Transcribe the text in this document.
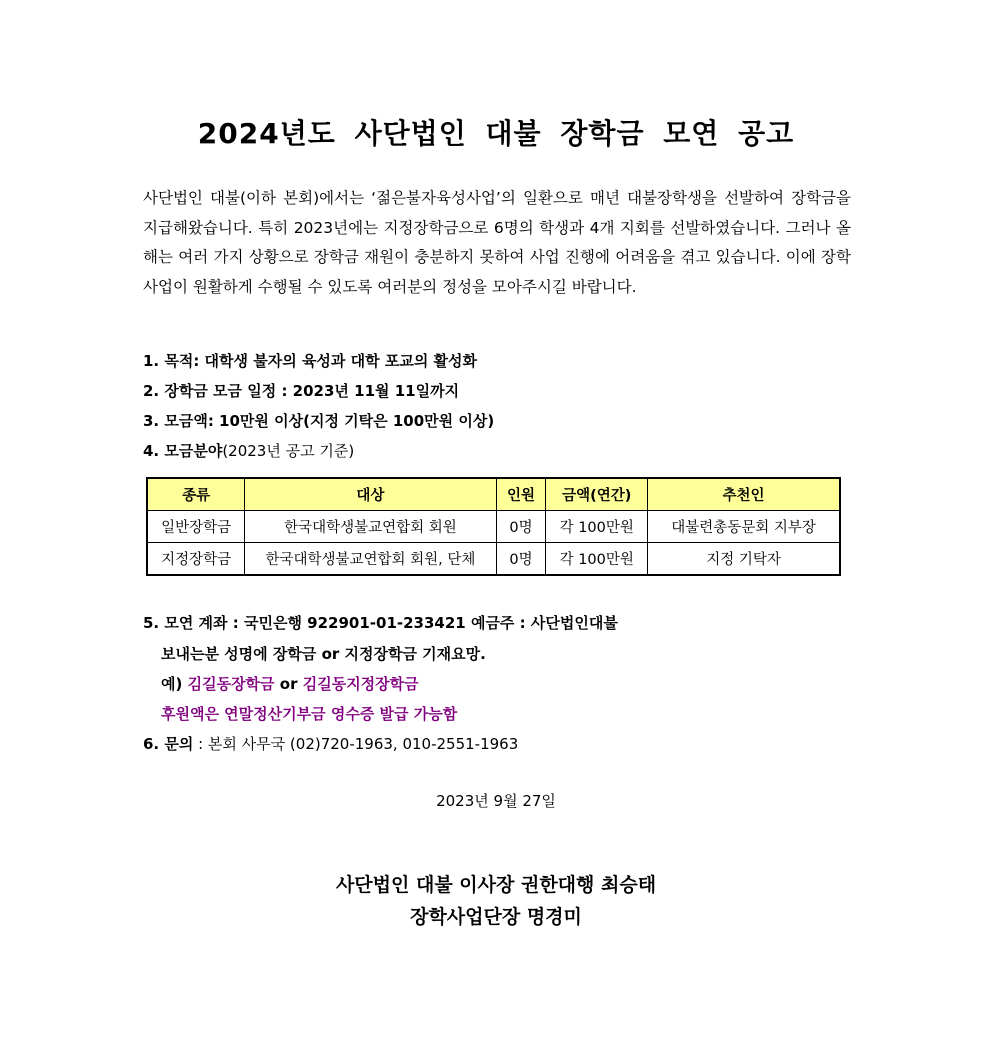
2024년도 사단법인 대불 장학금 모연 공고

사단법인 대불(이하 본회)에서는 ‘젊은불자육성사업’의 일환으로 매년 대불장학생을 선발하여 장학금을 지급해왔습니다. 특히 2023년에는 지정장학금으로 6명의 학생과 4개 지회를 선발하였습니다. 그러나 올해는 여러 가지 상황으로 장학금 재원이 충분하지 못하여 사업 진행에 어려움을 겪고 있습니다. 이에 장학사업이 원활하게 수행될 수 있도록 여러분의 정성을 모아주시길 바랍니다.

1. 목적: 대학생 불자의 육성과 대학 포교의 활성화
2. 장학금 모금 일정 : 2023년 11월 11일까지
3. 모금액: 10만원 이상(지정 기탁은 100만원 이상)
4. 모금분야(2023년 공고 기준)
종류	대상	인원	금액(연간)	추천인
일반장학금	한국대학생불교연합회 회원	0명	각 100만원	대불련총동문회 지부장
지정장학금	한국대학생불교연합회 회원, 단체	0명	각 100만원	지정 기탁자
5. 모연 계좌 : 국민은행 922901-01-233421 예금주 : 사단법인대불
보내는분 성명에 장학금 or 지정장학금 기재요망.
예) 김길동장학금 or 김길동지정장학금
후원액은 연말정산기부금 영수증 발급 가능함
6. 문의 : 본회 사무국 (02)720-1963, 010-2551-1963
2023년 9월 27일
사단법인 대불 이사장 권한대행 최승태
장학사업단장 명경미
